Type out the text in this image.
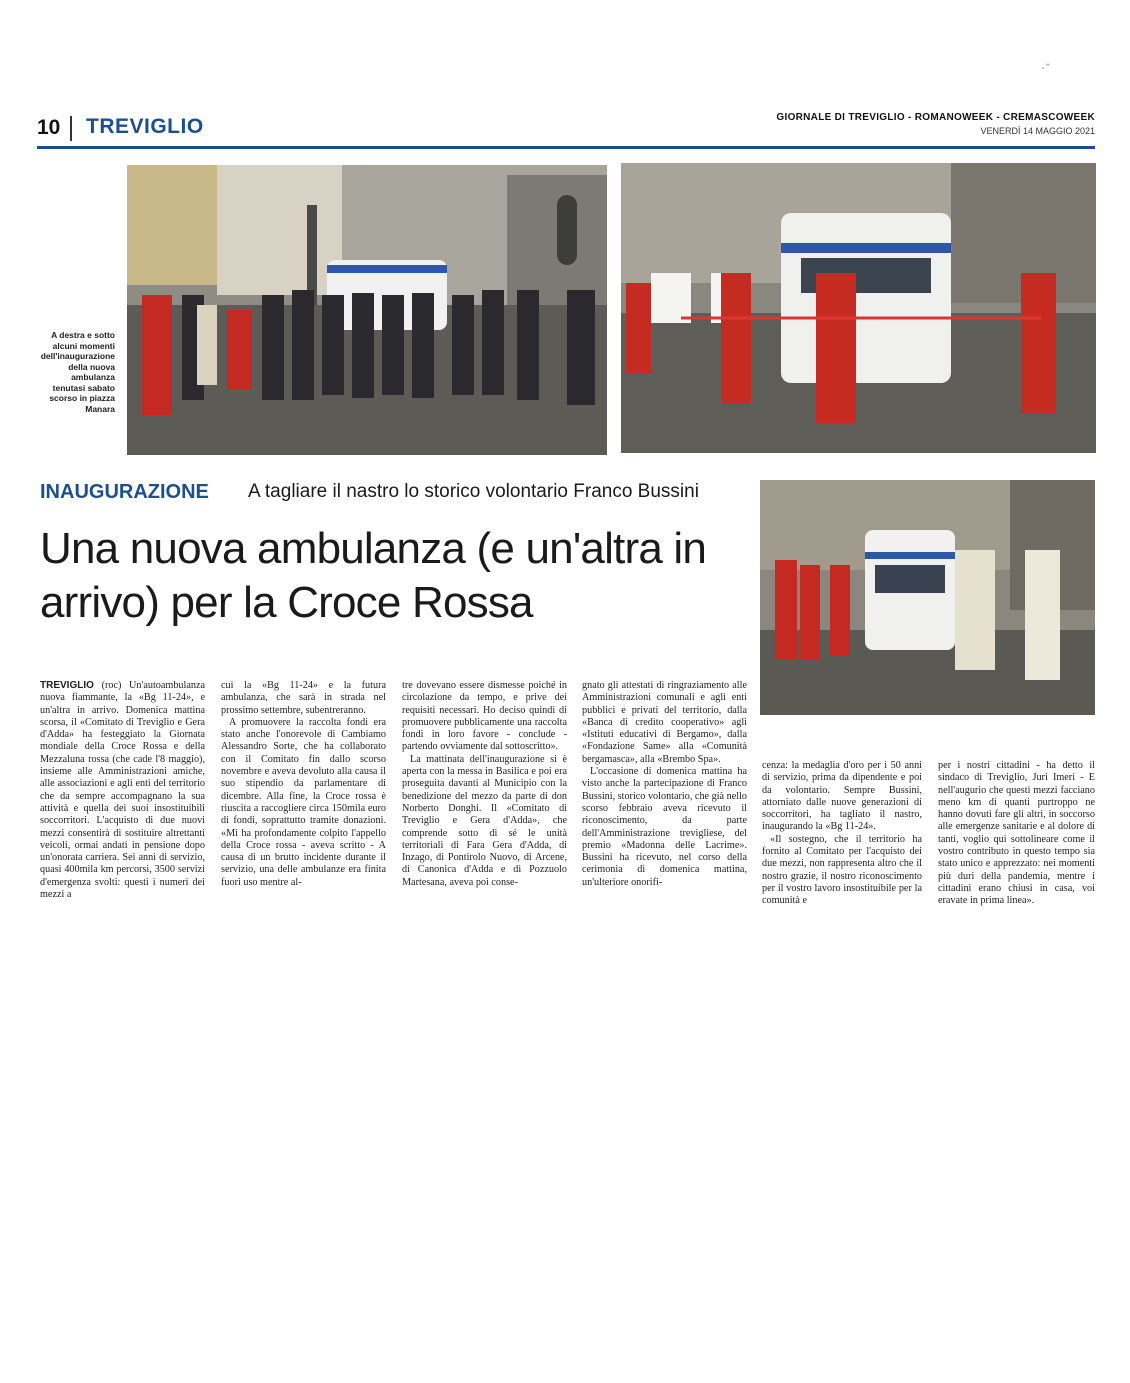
·ˇ
10 TREVIGLIO	GIORNALE DI TREVIGLIO - ROMANOWEEK - CREMASCOWEEK
VENERDÌ 14 MAGGIO 2021
A destra e sotto alcuni momenti dell'inaugurazione della nuova ambulanza tenutasi sabato scorso in piazza Manara
INAUGURAZIONE A tagliare il nastro lo storico volontario Franco Bussini
Una nuova ambulanza (e un'altra in arrivo) per la Croce Rossa

TREVIGLIO (roc) Un'autoambulanza nuova fiammante, la «Bg 11-24», e un'altra in arrivo. Domenica mattina scorsa, il «Comitato di Treviglio e Gera d'Adda» ha festeggiato la Giornata mondiale della Croce Rossa e della Mezzaluna rossa (che cade l'8 maggio), insieme alle Amministrazioni amiche, alle associazioni e agli enti del territorio che da sempre accompagnano la sua attività e quella dei suoi insostituibili soccorritori. L'acquisto di due nuovi mezzi consentirà di sostituire altrettanti veicoli, ormai andati in pensione dopo un'onorata carriera. Sei anni di servizio, quasi 400mila km percorsi, 3500 servizi d'emergenza svolti: questi i numeri dei mezzi a

cui la «Bg 11-24» e la futura ambulanza, che sarà in strada nel prossimo settembre, subentreranno.

A promuovere la raccolta fondi era stato anche l'onorevole di Cambiamo Alessandro Sorte, che ha collaborato con il Comitato fin dallo scorso novembre e aveva devoluto alla causa il suo stipendio da parlamentare di dicembre. Alla fine, la Croce rossa è riuscita a raccogliere circa 150mila euro di fondi, soprattutto tramite donazioni. «Mi ha profondamente colpito l'appello della Croce rossa - aveva scritto - A causa di un brutto incidente durante il servizio, una delle ambulanze era finita fuori uso mentre al-

tre dovevano essere dismesse poiché in circolazione da tempo, e prive dei requisiti necessari. Ho deciso quindi di promuovere pubblicamente una raccolta fondi in loro favore - conclude - partendo ovviamente dal sottoscritto».

La mattinata dell'inaugurazione si è aperta con la messa in Basilica e poi era proseguita davanti al Municipio con la benedizione del mezzo da parte di don Norberto Donghi. Il «Comitato di Treviglio e Gera d'Adda», che comprende sotto di sé le unità territoriali di Fara Gera d'Adda, di Inzago, di Pontirolo Nuovo, di Arcene, di Canonica d'Adda e di Pozzuolo Martesana, aveva poi conse-

gnato gli attestati di ringraziamento alle Amministrazioni comunali e agli enti pubblici e privati del territorio, dalla «Banca di credito cooperativo» agli «Istituti educativi di Bergamo», dalla «Fondazione Same» alla «Comunità bergamasca», alla «Brembo Spa».

L'occasione di domenica mattina ha visto anche la partecipazione di Franco Bussini, storico volontario, che già nello scorso febbraio aveva ricevuto il riconoscimento, da parte dell'Amministrazione trevigliese, del premio «Madonna delle Lacrime». Bussini ha ricevuto, nel corso della cerimonia di domenica mattina, un'ulteriore onorifi-

cenza: la medaglia d'oro per i 50 anni di servizio, prima da dipendente e poi da volontario. Sempre Bussini, attorniato dalle nuove generazioni di soccorritori, ha tagliato il nastro, inaugurando la «Bg 11-24».

«Il sostegno, che il territorio ha fornito al Comitato per l'acquisto dei due mezzi, non rappresenta altro che il nostro grazie, il nostro riconoscimento per il vostro lavoro insostituibile per la comunità e

per i nostri cittadini - ha detto il sindaco di Treviglio, Juri Imeri - E nell'augurio che questi mezzi facciano meno km di quanti purtroppo ne hanno dovuti fare gli altri, in soccorso alle emergenze sanitarie e al dolore di tanti, voglio qui sottolineare come il vostro contributo in questo tempo sia stato unico e apprezzato: nei momenti più duri della pandemia, mentre i cittadini erano chiusi in casa, voi eravate in prima linea».
